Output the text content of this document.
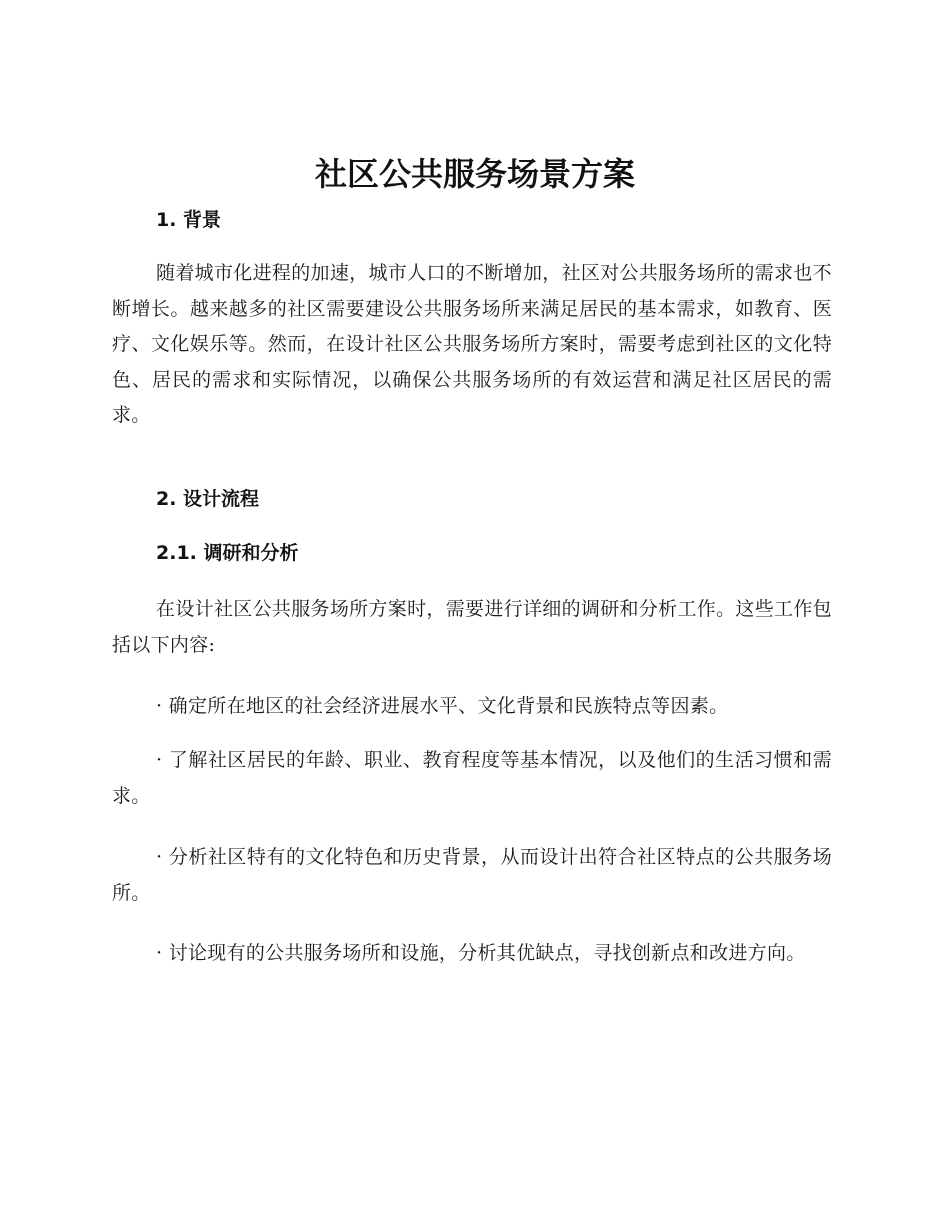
社区公共服务场景方案
1. 背景

随着城市化进程的加速，城市人口的不断增加，社区对公共服务场所的需求也不断增长。越来越多的社区需要建设公共服务场所来满足居民的基本需求，如教育、医疗、文化娱乐等。然而，在设计社区公共服务场所方案时，需要考虑到社区的文化特色、居民的需求和实际情况，以确保公共服务场所的有效运营和满足社区居民的需求。

2. 设计流程
2.1. 调研和分析

在设计社区公共服务场所方案时，需要进行详细的调研和分析工作。这些工作包括以下内容:

· 确定所在地区的社会经济进展水平、文化背景和民族特点等因素。

· 了解社区居民的年龄、职业、教育程度等基本情况，以及他们的生活习惯和需求。

· 分析社区特有的文化特色和历史背景，从而设计出符合社区特点的公共服务场所。

· 讨论现有的公共服务场所和设施，分析其优缺点，寻找创新点和改进方向。
